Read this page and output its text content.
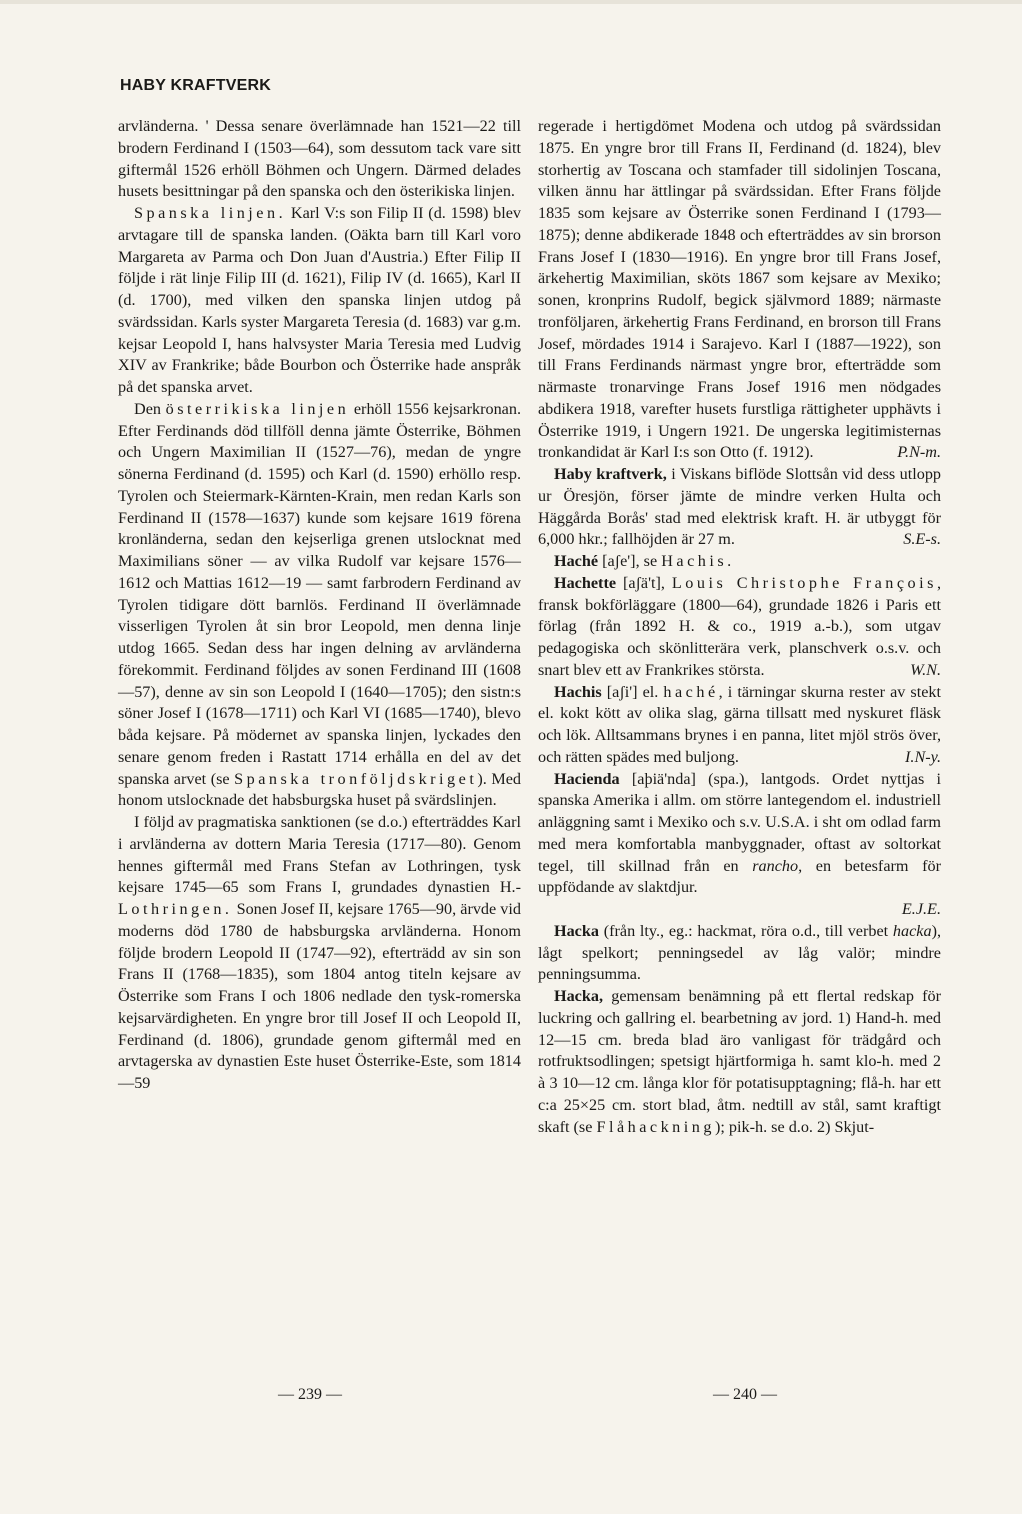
HABY KRAFTVERK

arvländerna. ' Dessa senare överlämnade han 1521—22 till brodern Ferdinand I (1503—64), som dessutom tack vare sitt giftermål 1526 erhöll Böhmen och Ungern. Därmed delades husets besittningar på den spanska och den österikiska linjen.

Spanska linjen. Karl V:s son Filip II (d. 1598) blev arvtagare till de spanska landen. (Oäkta barn till Karl voro Margareta av Parma och Don Juan d'Austria.) Efter Filip II följde i rät linje Filip III (d. 1621), Filip IV (d. 1665), Karl II (d. 1700), med vilken den spanska linjen utdog på svärdssidan. Karls syster Margareta Teresia (d. 1683) var g.m. kejsar Leopold I, hans halvsyster Maria Teresia med Ludvig XIV av Frankrike; både Bourbon och Österrike hade anspråk på det spanska arvet.

Den österrikiska linjen erhöll 1556 kejsarkronan. Efter Ferdinands död tillföll denna jämte Österrike, Böhmen och Ungern Maximilian II (1527—76), medan de yngre sönerna Ferdinand (d. 1595) och Karl (d. 1590) erhöllo resp. Tyrolen och Steiermark-Kärnten-Krain, men redan Karls son Ferdinand II (1578—1637) kunde som kejsare 1619 förena kronländerna, sedan den kejserliga grenen utslocknat med Maximilians söner — av vilka Rudolf var kejsare 1576—1612 och Mattias 1612—19 — samt farbrodern Ferdinand av Tyrolen tidigare dött barnlös. Ferdinand II överlämnade visserligen Tyrolen åt sin bror Leopold, men denna linje utdog 1665. Sedan dess har ingen delning av arvländerna förekommit. Ferdinand följdes av sonen Ferdinand III (1608—57), denne av sin son Leopold I (1640—1705); den sistn:s söner Josef I (1678—1711) och Karl VI (1685—1740), blevo båda kejsare. På mödernet av spanska linjen, lyckades den senare genom freden i Rastatt 1714 erhålla en del av det spanska arvet (se Spanska tronföljdskriget). Med honom utslocknade det habsburgska huset på svärdslinjen.

I följd av pragmatiska sanktionen (se d.o.) efterträddes Karl i arvländerna av dottern Maria Teresia (1717—80). Genom hennes giftermål med Frans Stefan av Lothringen, tysk kejsare 1745—65 som Frans I, grundades dynastien H.-Lothringen. Sonen Josef II, kejsare 1765—90, ärvde vid moderns död 1780 de habsburgska arvländerna. Honom följde brodern Leopold II (1747—92), efterträdd av sin son Frans II (1768—1835), som 1804 antog titeln kejsare av Österrike som Frans I och 1806 nedlade den tysk-romerska kejsarvärdigheten. En yngre bror till Josef II och Leopold II, Ferdinand (d. 1806), grundade genom giftermål med en arvtagerska av dynastien Este huset Österrike-Este, som 1814—59

regerade i hertigdömet Modena och utdog på svärdssidan 1875. En yngre bror till Frans II, Ferdinand (d. 1824), blev storhertig av Toscana och stamfader till sidolinjen Toscana, vilken ännu har ättlingar på svärdssidan. Efter Frans följde 1835 som kejsare av Österrike sonen Ferdinand I (1793—1875); denne abdikerade 1848 och efterträddes av sin brorson Frans Josef I (1830—1916). En yngre bror till Frans Josef, ärkehertig Maximilian, sköts 1867 som kejsare av Mexiko; sonen, kronprins Rudolf, begick självmord 1889; närmaste tronföljaren, ärkehertig Frans Ferdinand, en brorson till Frans Josef, mördades 1914 i Sarajevo. Karl I (1887—1922), son till Frans Ferdinands närmast yngre bror, efterträdde som närmaste tronarvinge Frans Josef 1916 men nödgades abdikera 1918, varefter husets furstliga rättigheter upphävts i Österrike 1919, i Ungern 1921. De ungerska legitimisternas tronkandidat är Karl I:s son Otto (f. 1912).	P.N-m.

Haby kraftverk, i Viskans biflöde Slottsån vid dess utlopp ur Öresjön, förser jämte de mindre verken Hulta och Häggårda Borås' stad med elektrisk kraft. H. är utbyggt för 6,000 hkr.; fallhöjden är 27 m.	S.E-s.

Haché [aʃe'], se Hachis.

Hachette [aʃä't], Louis Christophe François, fransk bokförläggare (1800—64), grundade 1826 i Paris ett förlag (från 1892 H. & co., 1919 a.-b.), som utgav pedagogiska och skönlitterära verk, planschverk o.s.v. och snart blev ett av Frankrikes största.	W.N.

Hachis [aʃi'] el. haché, i tärningar skurna rester av stekt el. kokt kött av olika slag, gärna tillsatt med nyskuret fläsk och lök. Alltsammans brynes i en panna, litet mjöl strös över, och rätten spädes med buljong.	I.N-y.

Hacienda [aþiä'nda] (spa.), lantgods. Ordet nyttjas i spanska Amerika i allm. om större lantegendom el. industriell anläggning samt i Mexiko och s.v. U.S.A. i sht om odlad farm med mera komfortabla manbyggnader, oftast av soltorkat tegel, till skillnad från en rancho, en betesfarm för uppfödande av slaktdjur.
E.J.E.

Hacka (från lty., eg.: hackmat, röra o.d., till verbet hacka), lågt spelkort; penningsedel av låg valör; mindre penningsumma.

Hacka, gemensam benämning på ett flertal redskap för luckring och gallring el. bearbetning av jord. 1) Hand-h. med 12—15 cm. breda blad äro vanligast för trädgård och rotfruktsodlingen; spetsigt hjärtformiga h. samt klo-h. med 2 à 3 10—12 cm. långa klor för potatisupptagning; flå-h. har ett c:a 25×25 cm. stort blad, åtm. nedtill av stål, samt kraftigt skaft (se Flåhackning); pik-h. se d.o. 2) Skjut-

— 239 —	— 240 —
